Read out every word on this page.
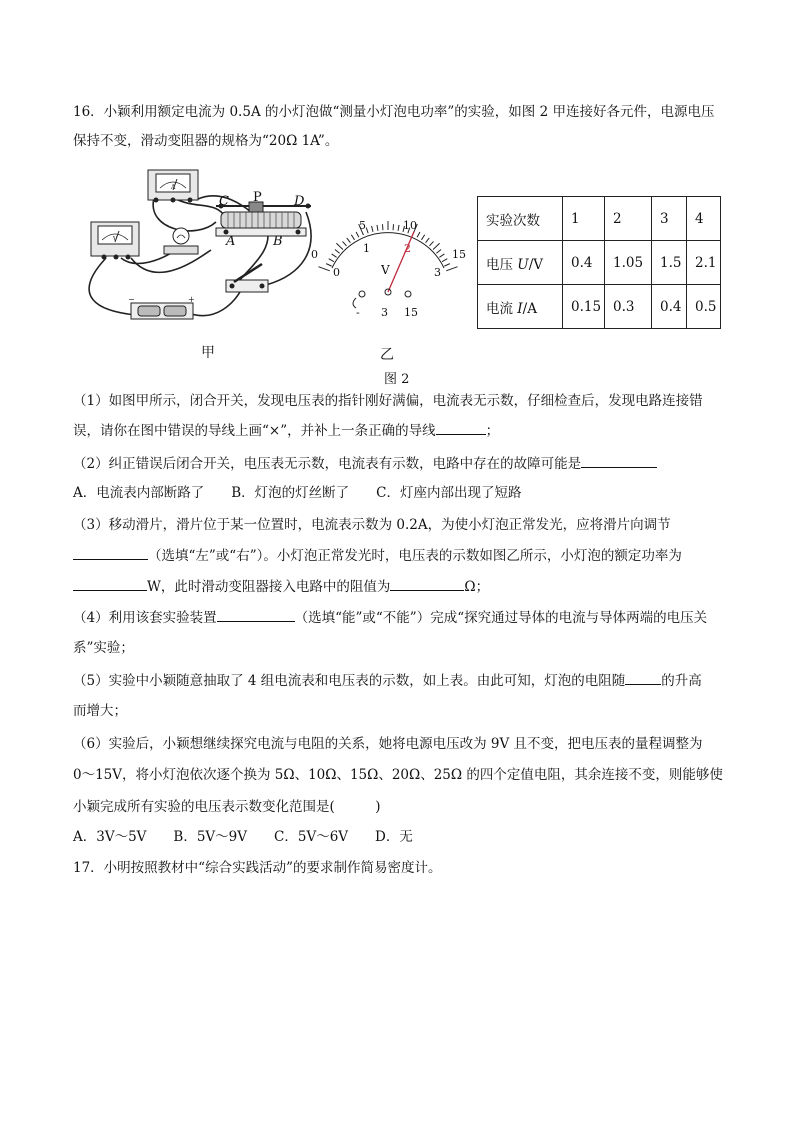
16．小颖利用额定电流为 0.5A 的小灯泡做“测量小灯泡电功率”的实验，如图 2 甲连接好各元件，电源电压
保持不变，滑动变阻器的规格为“20Ω 1A”。
A
V
C P D
A	B
−	+
0
5	10
15
0
1	2
3
V
- 3 15
实验次数	1	2	3	4
电压 U/V	0.4	1.05	1.5	2.1
电流 I/A	0.15	0.3	0.4	0.5
甲	乙
图 2
（1）如图甲所示，闭合开关，发现电压表的指针刚好满偏，电流表无示数，仔细检查后，发现电路连接错
误，请你在图中错误的导线上画“×”，并补上一条正确的导线	；
（2）纠正错误后闭合开关，电压表无示数，电流表有示数，电路中存在的故障可能是
A．电流表内部断路了　　B．灯泡的灯丝断了　　C．灯座内部出现了短路
（3）移动滑片，滑片位于某一位置时，电流表示数为 0.2A，为使小灯泡正常发光，应将滑片向调节
（选填“左”或“右”）。小灯泡正常发光时，电压表的示数如图乙所示，小灯泡的额定功率为
W，此时滑动变阻器接入电路中的阻值为	Ω；
（4）利用该套实验装置	（选填“能”或“不能”）完成“探究通过导体的电流与导体两端的电压关
系”实验；
（5）实验中小颖随意抽取了 4 组电流表和电压表的示数，如上表。由此可知，灯泡的电阻随	的升高
而增大；
（6）实验后，小颖想继续探究电流与电阻的关系，她将电源电压改为 9V 且不变，把电压表的量程调整为
0～15V，将小灯泡依次逐个换为 5Ω、10Ω、15Ω、20Ω、25Ω 的四个定值电阻，其余连接不变，则能够使
小颖完成所有实验的电压表示数变化范围是(　　　)
A．3V～5V　　B．5V～9V　　C．5V～6V　　D．无
17．小明按照教材中“综合实践活动”的要求制作简易密度计。
